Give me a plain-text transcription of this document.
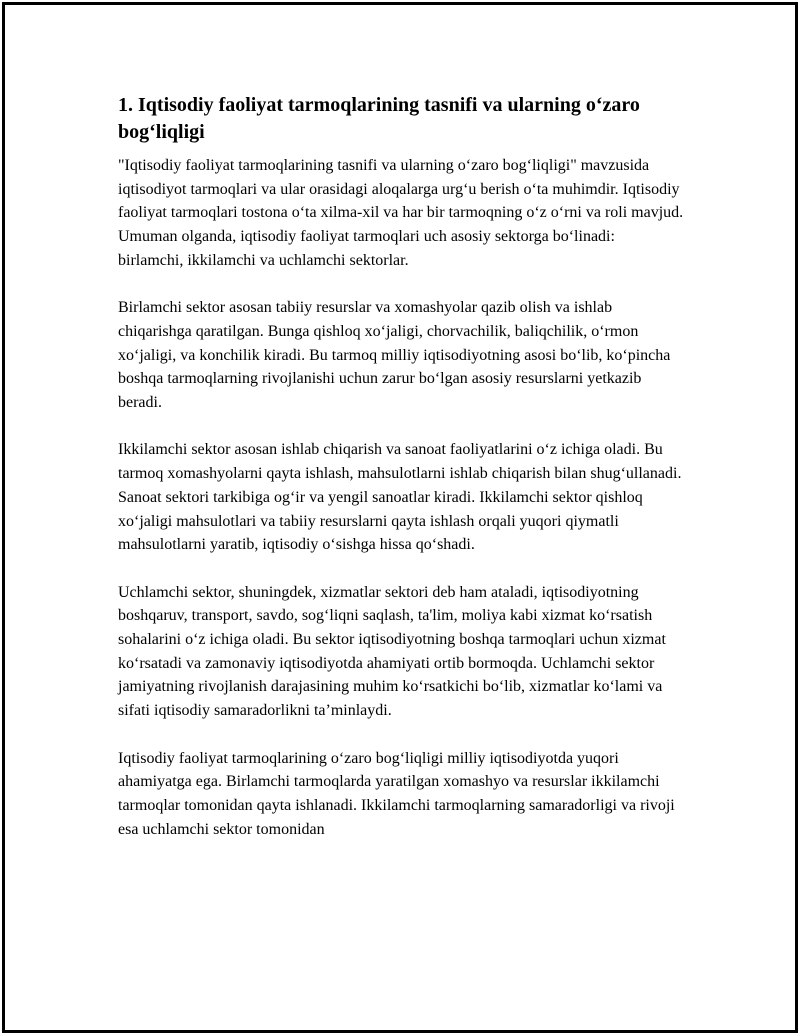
1. Iqtisodiy faoliyat tarmoqlarining tasnifi va ularning o‘zaro bog‘liqligi

"Iqtisodiy faoliyat tarmoqlarining tasnifi va ularning o‘zaro bog‘liqligi" mavzusida iqtisodiyot tarmoqlari va ular orasidagi aloqalarga urg‘u berish o‘ta muhimdir. Iqtisodiy faoliyat tarmoqlari tostona o‘ta xilma-xil va har bir tarmoqning o‘z o‘rni va roli mavjud. Umuman olganda, iqtisodiy faoliyat tarmoqlari uch asosiy sektorga bo‘linadi: birlamchi, ikkilamchi va uchlamchi sektorlar.

Birlamchi sektor asosan tabiiy resurslar va xomashyolar qazib olish va ishlab chiqarishga qaratilgan. Bunga qishloq xo‘jaligi, chorvachilik, baliqchilik, o‘rmon xo‘jaligi, va konchilik kiradi. Bu tarmoq milliy iqtisodiyotning asosi bo‘lib, ko‘pincha boshqa tarmoqlarning rivojlanishi uchun zarur bo‘lgan asosiy resurslarni yetkazib beradi.

Ikkilamchi sektor asosan ishlab chiqarish va sanoat faoliyatlarini o‘z ichiga oladi. Bu tarmoq xomashyolarni qayta ishlash, mahsulotlarni ishlab chiqarish bilan shug‘ullanadi. Sanoat sektori tarkibiga og‘ir va yengil sanoatlar kiradi. Ikkilamchi sektor qishloq xo‘jaligi mahsulotlari va tabiiy resurslarni qayta ishlash orqali yuqori qiymatli mahsulotlarni yaratib, iqtisodiy o‘sishga hissa qo‘shadi.

Uchlamchi sektor, shuningdek, xizmatlar sektori deb ham ataladi, iqtisodiyotning boshqaruv, transport, savdo, sog‘liqni saqlash, ta'lim, moliya kabi xizmat ko‘rsatish sohalarini o‘z ichiga oladi. Bu sektor iqtisodiyotning boshqa tarmoqlari uchun xizmat ko‘rsatadi va zamonaviy iqtisodiyotda ahamiyati ortib bormoqda. Uchlamchi sektor jamiyatning rivojlanish darajasining muhim ko‘rsatkichi bo‘lib, xizmatlar ko‘lami va sifati iqtisodiy samaradorlikni ta’minlaydi.

Iqtisodiy faoliyat tarmoqlarining o‘zaro bog‘liqligi milliy iqtisodiyotda yuqori ahamiyatga ega. Birlamchi tarmoqlarda yaratilgan xomashyo va resurslar ikkilamchi tarmoqlar tomonidan qayta ishlanadi. Ikkilamchi tarmoqlarning samaradorligi va rivoji esa uchlamchi sektor tomonidan
